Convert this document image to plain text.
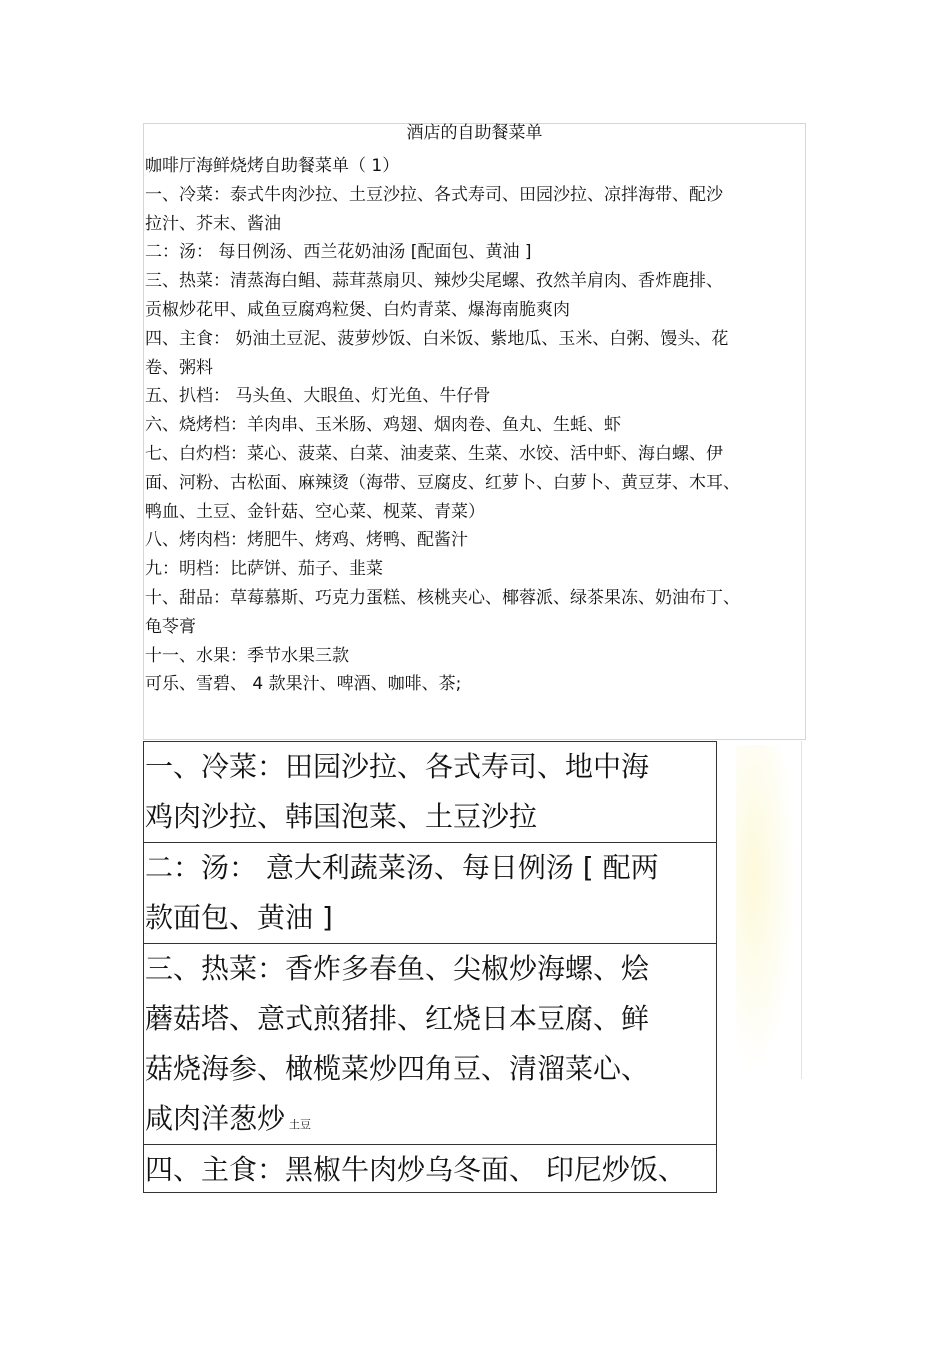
酒店的自助餐菜单
咖啡厅海鲜烧烤自助餐菜单（ 1）
一、冷菜：泰式牛肉沙拉、土豆沙拉、各式寿司、田园沙拉、凉拌海带、配沙
拉汁、芥末、酱油
二：汤： 每日例汤、西兰花奶油汤 [配面包、黄油 ]
三、热菜：清蒸海白鲳、蒜茸蒸扇贝、辣炒尖尾螺、孜然羊肩肉、香炸鹿排、
贡椒炒花甲、咸鱼豆腐鸡粒煲、白灼青菜、爆海南脆爽肉
四、主食： 奶油土豆泥、菠萝炒饭、白米饭、紫地瓜、玉米、白粥、馒头、花
卷、粥料
五、扒档： 马头鱼、大眼鱼、灯光鱼、牛仔骨
六、烧烤档：羊肉串、玉米肠、鸡翅、烟肉卷、鱼丸、生蚝、虾
七、白灼档：菜心、菠菜、白菜、油麦菜、生菜、水饺、活中虾、海白螺、伊
面、河粉、古松面、麻辣烫（海带、豆腐皮、红萝卜、白萝卜、黄豆芽、木耳、
鸭血、土豆、金针菇、空心菜、枧菜、青菜）
八、烤肉档：烤肥牛、烤鸡、烤鸭、配酱汁
九：明档：比萨饼、茄子、韭菜
十、甜品：草莓慕斯、巧克力蛋糕、核桃夹心、椰蓉派、绿茶果冻、奶油布丁、
龟苓膏
十一、水果：季节水果三款
可乐、雪碧、 4 款果汁、啤酒、咖啡、茶;
一、冷菜：田园沙拉、各式寿司、地中海
鸡肉沙拉、韩国泡菜、土豆沙拉
二：汤： 意大利蔬菜汤、每日例汤 [ 配两
款面包、黄油 ]
三、热菜：香炸多春鱼、尖椒炒海螺、烩
蘑菇塔、意式煎猪排、红烧日本豆腐、鲜
菇烧海参、橄榄菜炒四角豆、清溜菜心、
咸肉洋葱炒 土豆
四、主食：黑椒牛肉炒乌冬面、 印尼炒饭、
